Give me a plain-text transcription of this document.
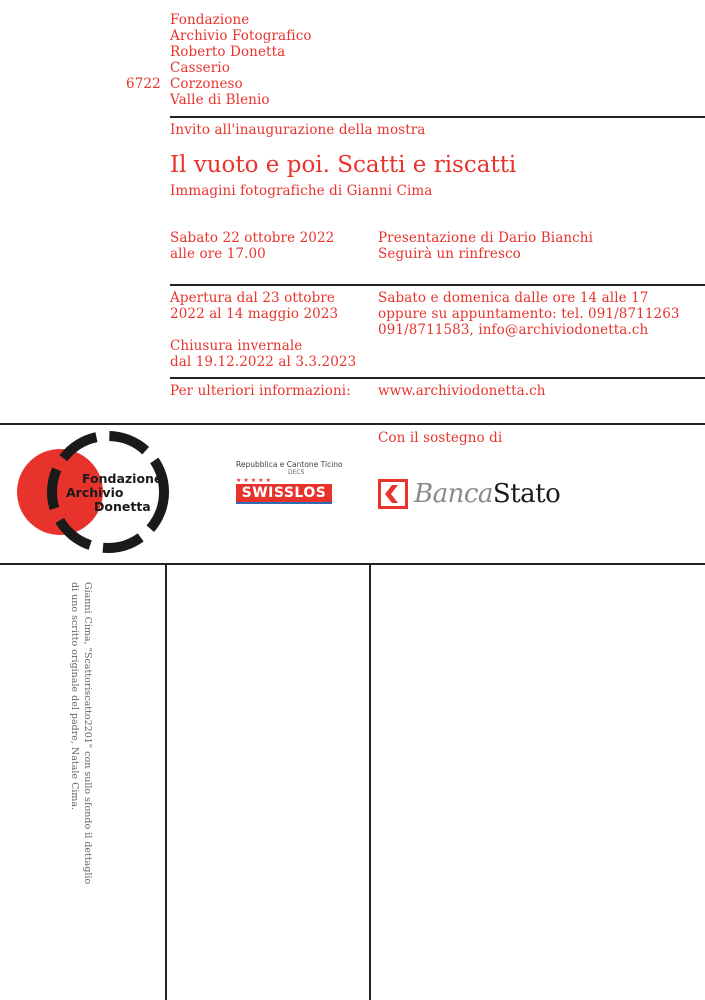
Fondazione
Archivio Fotografico
Roberto Donetta
Casserio
Corzoneso
Valle di Blenio
6722
Invito all'inaugurazione della mostra
Il vuoto e poi. Scatti e riscatti
Immagini fotografiche di Gianni Cima
Sabato 22 ottobre 2022
alle ore 17.00
Presentazione di Dario Bianchi
Seguirà un rinfresco
Apertura dal 23 ottobre
2022 al 14 maggio 2023
Chiusura invernale
dal 19.12.2022 al 3.3.2023
Sabato e domenica dalle ore 14 alle 17
oppure su appuntamento: tel. 091/8711263
091/8711583, info@archiviodonetta.ch
Per ulteriori informazioni: www.archiviodonetta.ch
Con il sostegno di
Fondazione
Archivio
Donetta
Repubblica e Cantone Ticino
DECS
★★★★★
SWISSLOS	BancaStato
Gianni Cima, "Scattoriscatto2201" con sullo sfondo il dettaglio
di uno scritto originale del padre, Natale Cima.
